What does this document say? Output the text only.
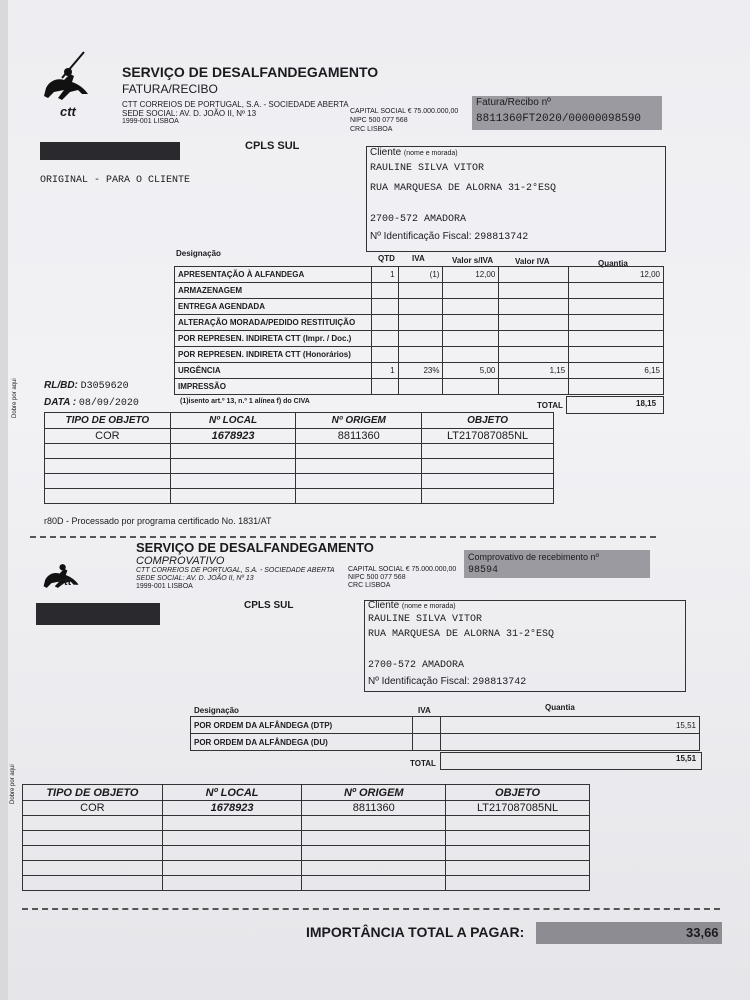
ctt
SERVIÇO DE DESALFANDEGAMENTO
FATURA/RECIBO
CTT CORREIOS DE PORTUGAL, S.A. - SOCIEDADE ABERTA
SEDE SOCIAL: AV. D. JOÃO II, Nº 13
1999-001 LISBOA
CAPITAL SOCIAL € 75.000.000,00
NIPC 500 077 568
CRC LISBOA
Fatura/Recibo nº
8811360FT2020/00000098590
CPLS SUL
ORIGINAL - PARA O CLIENTE
Cliente (nome e morada)
RAULINE SILVA VITOR
RUA MARQUESA DE ALORNA 31-2°ESQ
2700-572 AMADORA
Nº Identificação Fiscal: 298813742
Designação
QTD IVA	Valor s/IVA	Valor IVA	Quantia
APRESENTAÇÃO À ALFANDEGA	1	(1)	12,00		12,00
ARMAZENAGEM					
ENTREGA AGENDADA					
ALTERAÇÃO MORADA/PEDIDO RESTITUIÇÃO					
POR REPRESEN. INDIRETA CTT (Impr. / Doc.)					
POR REPRESEN. INDIRETA CTT (Honorários)					
URGÊNCIA	1	23%	5,00	1,15	6,15
IMPRESSÃO					
RL/BD: D3059620
DATA : 08/09/2020	(1)isento art.º 13, n.º 1 alínea f) do CIVA	TOTAL	18,15
Dobre por aqui
TIPO DE OBJETO	Nº LOCAL	Nº ORIGEM	OBJETO
COR	1678923	8811360	LT217087085NL

r80D - Processado por programa certificado No. 1831/AT
ctt
SERVIÇO DE DESALFANDEGAMENTO
COMPROVATIVO
CTT CORREIOS DE PORTUGAL, S.A. - SOCIEDADE ABERTA
SEDE SOCIAL: AV. D. JOÃO II, Nº 13
1999-001 LISBOA
CAPITAL SOCIAL € 75.000.000,00
NIPC 500 077 568
CRC LISBOA
Comprovativo de recebimento nº
98594
CPLS SUL	Cliente (nome e morada)
RAULINE SILVA VITOR
RUA MARQUESA DE ALORNA 31-2°ESQ
2700-572 AMADORA
Nº Identificação Fiscal: 298813742
Designação	IVA	Quantia
POR ORDEM DA ALFÂNDEGA (DTP)		15,51
POR ORDEM DA ALFÂNDEGA (DU)		
TOTAL
15,51
Dobre por aqui	TIPO DE OBJETO	Nº LOCAL	Nº ORIGEM	OBJETO
COR	1678923	8811360	LT217087085NL

IMPORTÂNCIA TOTAL A PAGAR:	33,66
